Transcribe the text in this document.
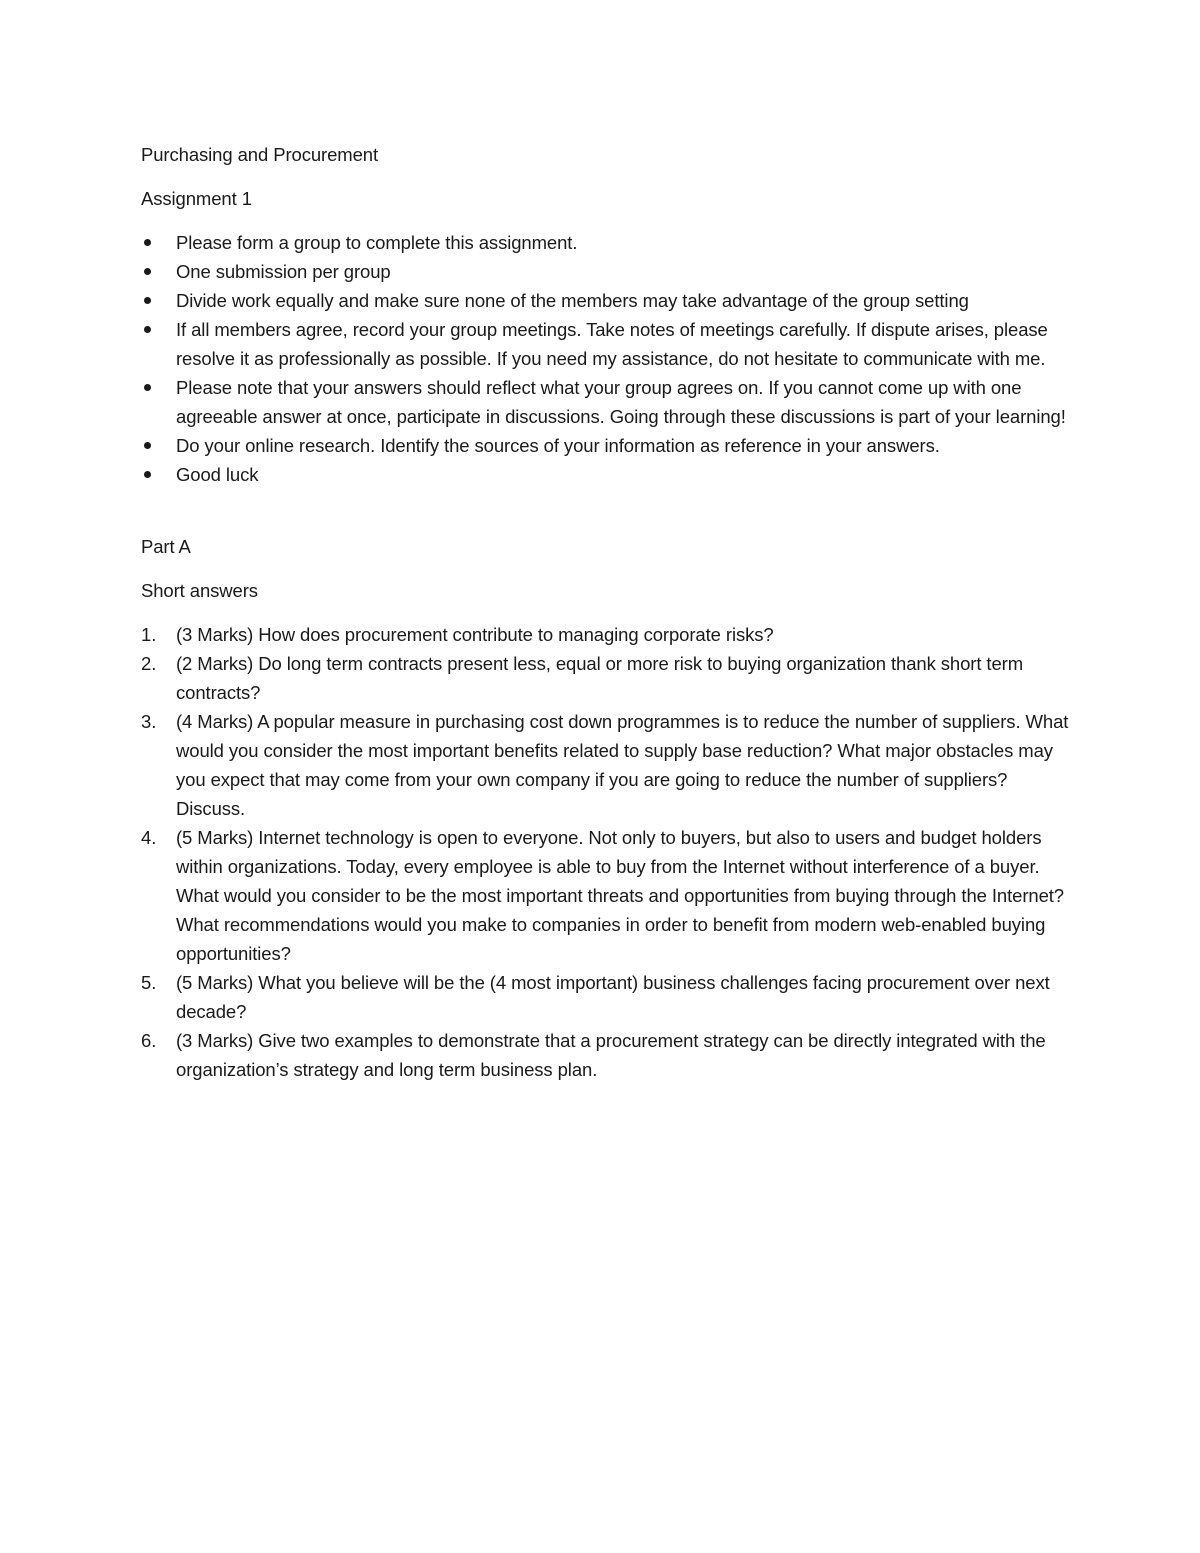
Purchasing and Procurement

Assignment 1

Please form a group to complete this assignment.
One submission per group
Divide work equally and make sure none of the members may take advantage of the group setting
If all members agree, record your group meetings. Take notes of meetings carefully. If dispute arises, please resolve it as professionally as possible. If you need my assistance, do not hesitate to communicate with me.
Please note that your answers should reflect what your group agrees on. If you cannot come up with one agreeable answer at once, participate in discussions. Going through these discussions is part of your learning!
Do your online research. Identify the sources of your information as reference in your answers.
Good luck

Part A

Short answers

1.	(3 Marks) How does procurement contribute to managing corporate risks?
2.	(2 Marks) Do long term contracts present less, equal or more risk to buying organization thank short term contracts?
3.	(4 Marks) A popular measure in purchasing cost down programmes is to reduce the number of suppliers. What would you consider the most important benefits related to supply base reduction? What major obstacles may you expect that may come from your own company if you are going to reduce the number of suppliers? Discuss.
4.	(5 Marks) Internet technology is open to everyone. Not only to buyers, but also to users and budget holders within organizations. Today, every employee is able to buy from the Internet without interference of a buyer. What would you consider to be the most important threats and opportunities from buying through the Internet? What recommendations would you make to companies in order to benefit from modern web-enabled buying opportunities?
5.	(5 Marks) What you believe will be the (4 most important) business challenges facing procurement over next decade?
6.	(3 Marks) Give two examples to demonstrate that a procurement strategy can be directly integrated with the organization’s strategy and long term business plan.
